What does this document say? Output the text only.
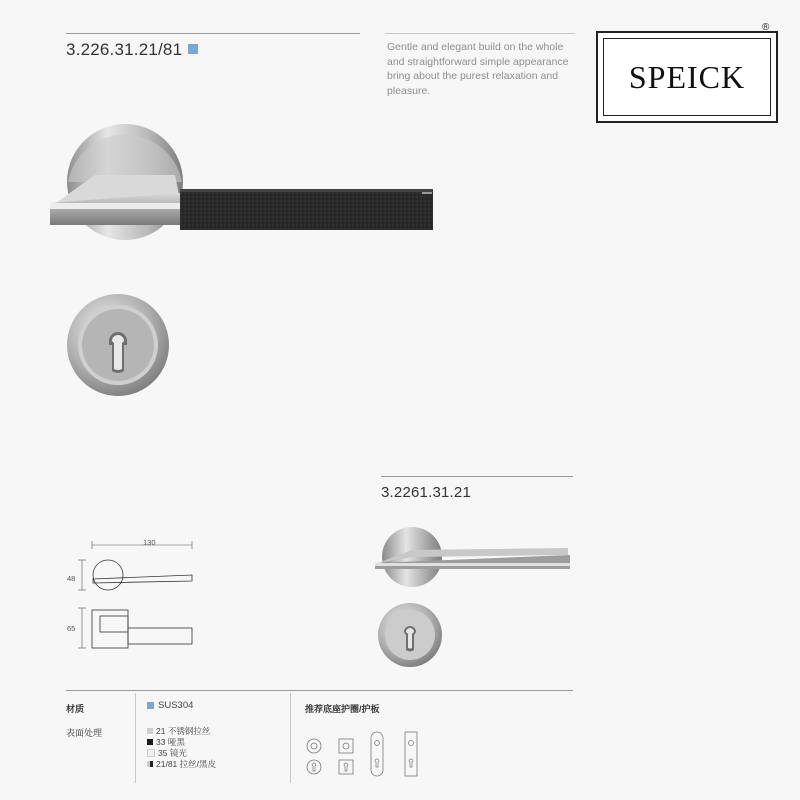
3.226.31.21/81	Gentle and elegant build on the whole and straightforward simple appearance bring about the purest relaxation and pleasure.	SPEICK
®
3.2261.31.21
130
48
65
材质
表面处理
SUS304
21 不锈钢拉丝
33 哑黑
35 镜光
21/81 拉丝/黑皮
推荐底座护圈/护板
